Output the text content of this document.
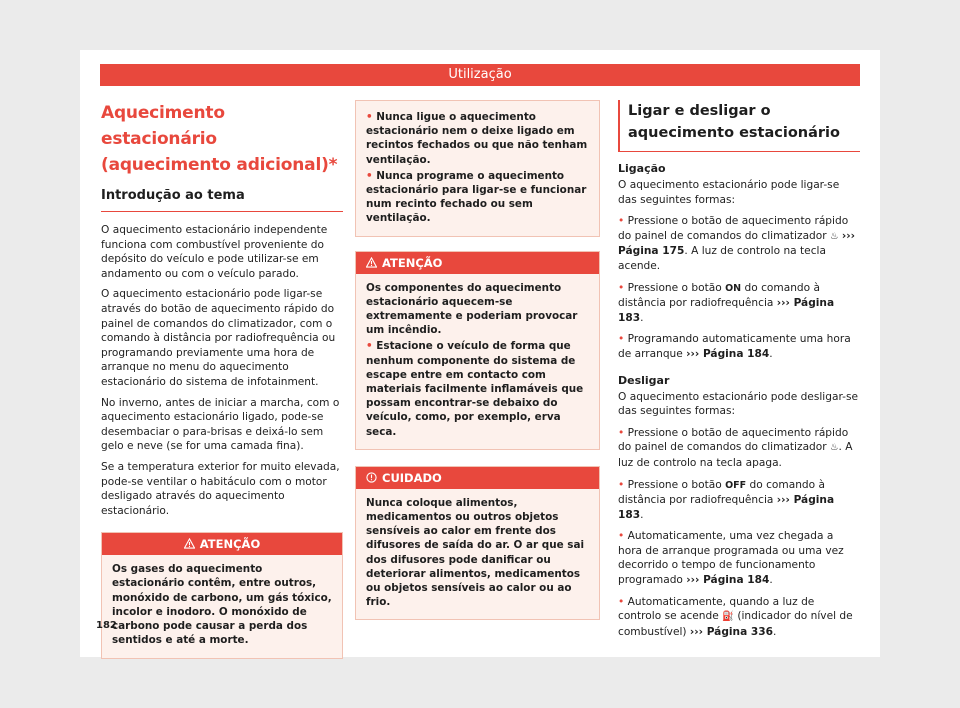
Utilização
Aquecimento estacionário
(aquecimento adicional)*
Introdução ao tema
O aquecimento estacionário independente funciona com combustível proveniente do depósito do veículo e pode utilizar-se em andamento ou com o veículo parado.
O aquecimento estacionário pode ligar-se através do botão de aquecimento rápido do painel de comandos do climatizador, com o comando à distância por radiofrequência ou programando previamente uma hora de arranque no menu do aquecimento estacionário do sistema de infotainment.
No inverno, antes de iniciar a marcha, com o aquecimento estacionário ligado, pode-se desembaciar o para-brisas e deixá-lo sem gelo e neve (se for uma camada fina).
Se a temperatura exterior for muito elevada, pode-se ventilar o habitáculo com o motor desligado através do aquecimento estacionário.
ATENÇÃO
Os gases do aquecimento estacionário contêm, entre outros, monóxido de carbono, um gás tóxico, incolor e inodoro. O monóxido de carbono pode causar a perda dos sentidos e até a morte.
• Nunca ligue o aquecimento estacionário nem o deixe ligado em recintos fechados ou que não tenham ventilação.
• Nunca programe o aquecimento estacionário para ligar-se e funcionar num recinto fechado ou sem ventilação.
ATENÇÃO
Os componentes do aquecimento estacionário aquecem-se extremamente e poderiam provocar um incêndio.
• Estacione o veículo de forma que nenhum componente do sistema de escape entre em contacto com materiais facilmente inflamáveis que possam encontrar-se debaixo do veículo, como, por exemplo, erva seca.
CUIDADO
Nunca coloque alimentos, medicamentos ou outros objetos sensíveis ao calor em frente dos difusores de saída do ar. O ar que sai dos difusores pode danificar ou deteriorar alimentos, medicamentos ou objetos sensíveis ao calor ou ao frio.
Ligar e desligar o aquecimento estacionário
Ligação
O aquecimento estacionário pode ligar-se das seguintes formas:
• Pressione o botão de aquecimento rápido do painel de comandos do climatizador ♨ ››› Página 175. A luz de controlo na tecla acende.
• Pressione o botão ON do comando à distância por radiofrequência ››› Página 183.
• Programando automaticamente uma hora de arranque ››› Página 184.
Desligar
O aquecimento estacionário pode desligar-se das seguintes formas:
• Pressione o botão de aquecimento rápido do painel de comandos do climatizador ♨. A luz de controlo na tecla apaga.
• Pressione o botão OFF do comando à distância por radiofrequência ››› Página 183.
• Automaticamente, uma vez chegada a hora de arranque programada ou uma vez decorrido o tempo de funcionamento programado ››› Página 184.
• Automaticamente, quando a luz de controlo se acende ⛽ (indicador do nível de combustível) ››› Página 336.
182
